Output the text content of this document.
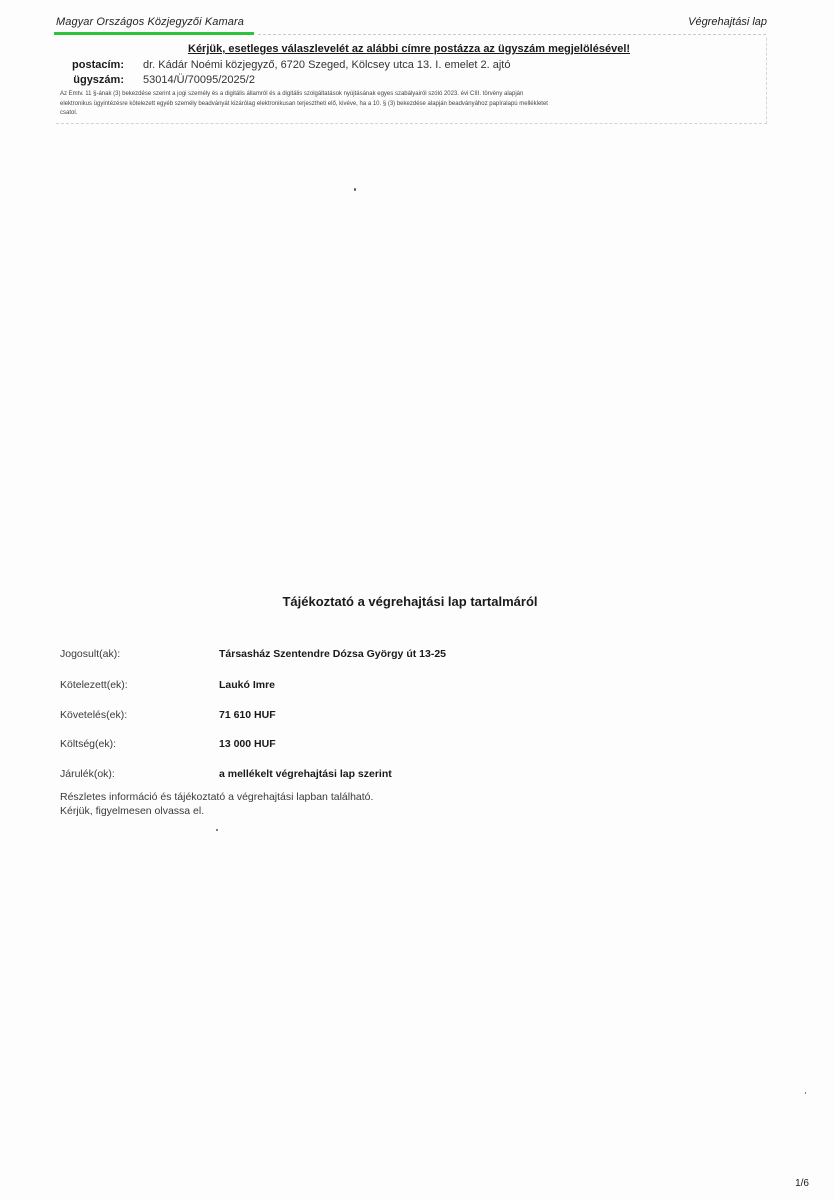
Magyar Országos Közjegyzői Kamara	Végrehajtási lap
Kérjük, esetleges válaszlevelét az alábbi címre postázza az ügyszám megjelölésével!
postacím: dr. Kádár Noémi közjegyző, 6720 Szeged, Kölcsey utca 13. I. emelet 2. ajtó
ügyszám: 53014/Ü/70095/2025/2
Az Emtv. 11 §-ának (3) bekezdése szerint a jogi személy és a digitális államról és a digitális szolgáltatások nyújtásának egyes szabályairól szóló 2023. évi CIII. törvény alapján
elektronikus ügyintézésre kötelezett egyéb személy beadványát kizárólag elektronikusan terjesztheti elő, kivéve, ha a 10. § (3) bekezdése alapján beadványához papíralapú mellékletet
csatol.
Tájékoztató a végrehajtási lap tartalmáról
Jogosult(ak):	Társasház Szentendre Dózsa György út 13-25
Kötelezett(ek):	Laukó Imre
Követelés(ek):	71 610 HUF
Költség(ek):	13 000 HUF
Járulék(ok):	a mellékelt végrehajtási lap szerint
Részletes információ és tájékoztató a végrehajtási lapban található.
Kérjük, figyelmesen olvassa el.
1/6
